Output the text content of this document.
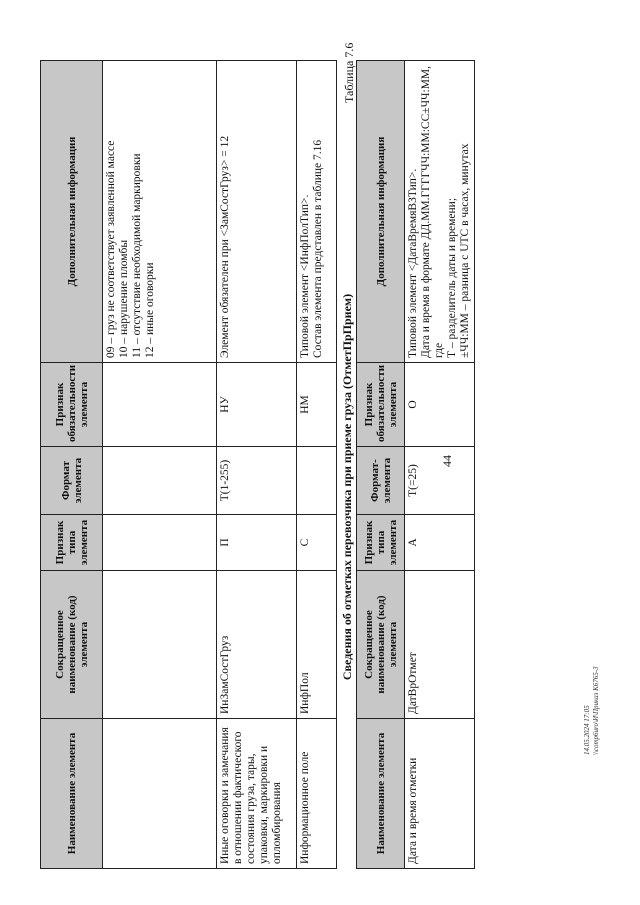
44
Наименование элемента	Сокращенное наименование (код) элемента	Признак типа элемента	Формат элемента	Признак обязательности элемента	Дополнительная информация

					09 – груз не соответствует заявленной массе 10 – нарушение пломбы 11 – отсутствие необходимой маркировки 12 – иные оговорки

Иные оговорки и замечания в отношении фактического состояния груза, тары, упаковки, маркировки и опломбирования	ИнЗамСостГруз	П	T(1-255)	НУ	Элемент обязателен при <ЗамСостГруз> = 12

Информационное поле	ИнфПол	С		НМ	Типовой элемент <ИнфПолТип>. Состав элемента представлен в таблице 7.16
Таблица 7.6
Сведения об отметках перевозчика при приеме груза (ОтметПрПрием)
Наименование элемента	Сокращенное наименование (код) элемента	Признак типа элемента	Формат-элемента	Признак обязательности элемента	Дополнительная информация
Дата и время отметки	ДатВрОтмет	А	T(=25)	О	Типовой элемент <ДатаВремяВЗТип>. Дата и время в формате ДД.ММ.ГГГГЧЧ:ММ:СС±ЧЧ:ММ, где Т – разделитель даты и времени; ±ЧЧ:ММ – разница с UTC в часах, минутах
14.05.2024 17:05 \\comp6uro\И\Приказ К6765-3
